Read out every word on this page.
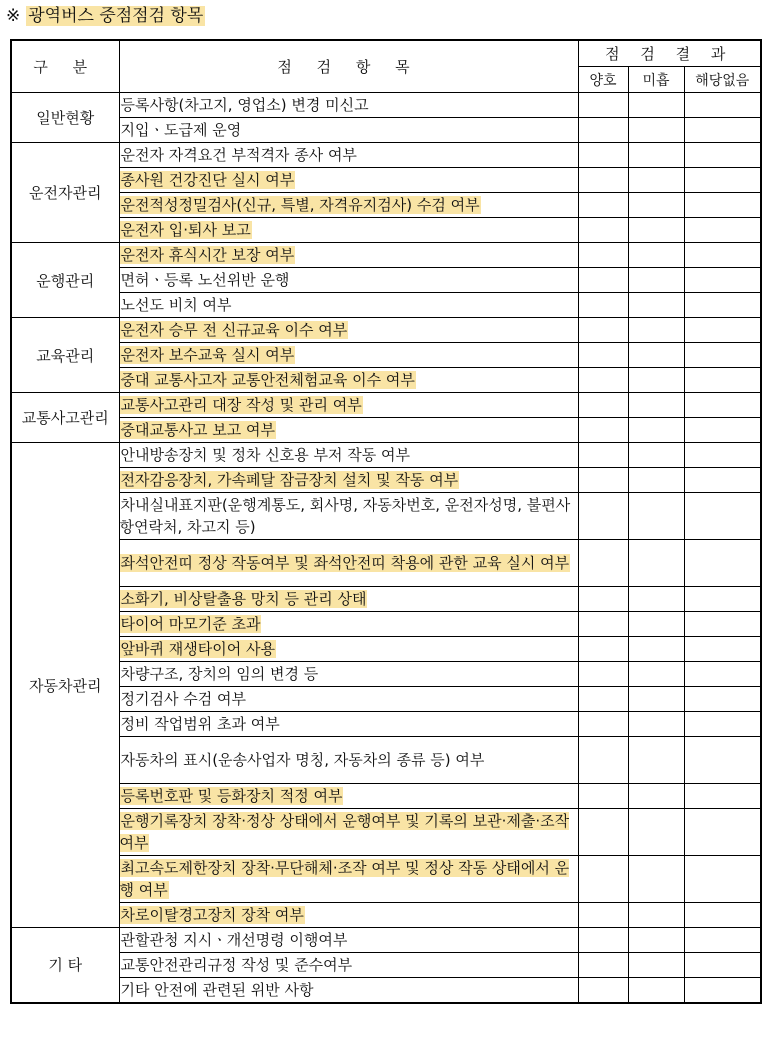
※ 광역버스 중점점검 항목
구 분	점 검 항 목	점 검 결 과		
		양호	미흡	해당없음
일반현황	등록사항(차고지, 영업소) 변경 미신고			
	지입ㆍ도급제 운영			
운전자관리	운전자 자격요건 부적격자 종사 여부			
	종사원 건강진단 실시 여부			
	운전적성정밀검사(신규, 특별, 자격유지검사) 수검 여부			
	운전자 입·퇴사 보고			
운행관리	운전자 휴식시간 보장 여부			
	면허ㆍ등록 노선위반 운행			
	노선도 비치 여부			
교육관리	운전자 승무 전 신규교육 이수 여부			
	운전자 보수교육 실시 여부			
	중대 교통사고자 교통안전체험교육 이수 여부			
교통사고관리	교통사고관리 대장 작성 및 관리 여부			
	중대교통사고 보고 여부			
자동차관리	안내방송장치 및 정차 신호용 부저 작동 여부			
	전자감응장치, 가속페달 잠금장치 설치 및 작동 여부			
	차내실내표지판(운행계통도, 회사명, 자동차번호, 운전자성명, 불편사항연락처, 차고지 등)			
	좌석안전띠 정상 작동여부 및 좌석안전띠 착용에 관한 교육 실시 여부			
	소화기, 비상탈출용 망치 등 관리 상태			
	타이어 마모기준 초과			
	앞바퀴 재생타이어 사용			
	차량구조, 장치의 임의 변경 등			
	정기검사 수검 여부			
	정비 작업범위 초과 여부			
	자동차의 표시(운송사업자 명칭, 자동차의 종류 등) 여부			
	등록번호판 및 등화장치 적정 여부			
	운행기록장치 장착·정상 상태에서 운행여부 및 기록의 보관·제출·조작 여부			
	최고속도제한장치 장착·무단해체·조작 여부 및 정상 작동 상태에서 운행 여부			
	차로이탈경고장치 장착 여부			
기 타	관할관청 지시ㆍ개선명령 이행여부			
	교통안전관리규정 작성 및 준수여부			
	기타 안전에 관련된 위반 사항			
